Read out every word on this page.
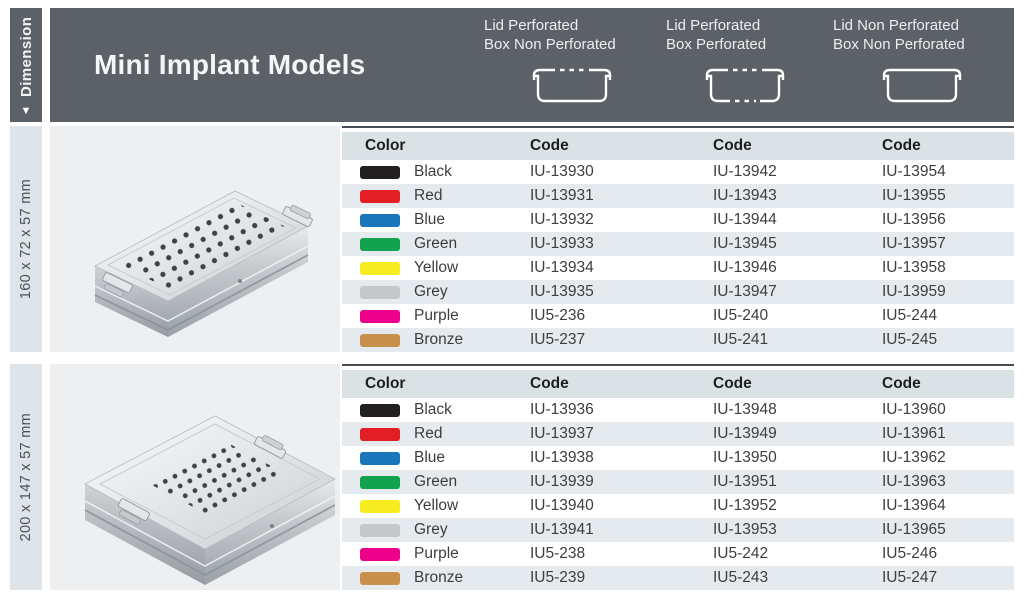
Dimension
▼
Mini Implant Models
Lid Perforated
Box Non Perforated
Lid Perforated
Box Perforated
Lid Non Perforated
Box Non Perforated
160 x 72 x 57 mm
Color	Code	Code	Code
Black	IU-13930	IU-13942	IU-13954
Red	IU-13931	IU-13943	IU-13955
Blue	IU-13932	IU-13944	IU-13956
Green	IU-13933	IU-13945	IU-13957
Yellow	IU-13934	IU-13946	IU-13958
Grey	IU-13935	IU-13947	IU-13959
Purple	IU5-236	IU5-240	IU5-244
Bronze	IU5-237	IU5-241	IU5-245
200 x 147 x 57 mm
Color	Code	Code	Code
Black	IU-13936	IU-13948	IU-13960
Red	IU-13937	IU-13949	IU-13961
Blue	IU-13938	IU-13950	IU-13962
Green	IU-13939	IU-13951	IU-13963
Yellow	IU-13940	IU-13952	IU-13964
Grey	IU-13941	IU-13953	IU-13965
Purple	IU5-238	IU5-242	IU5-246
Bronze	IU5-239	IU5-243	IU5-247
